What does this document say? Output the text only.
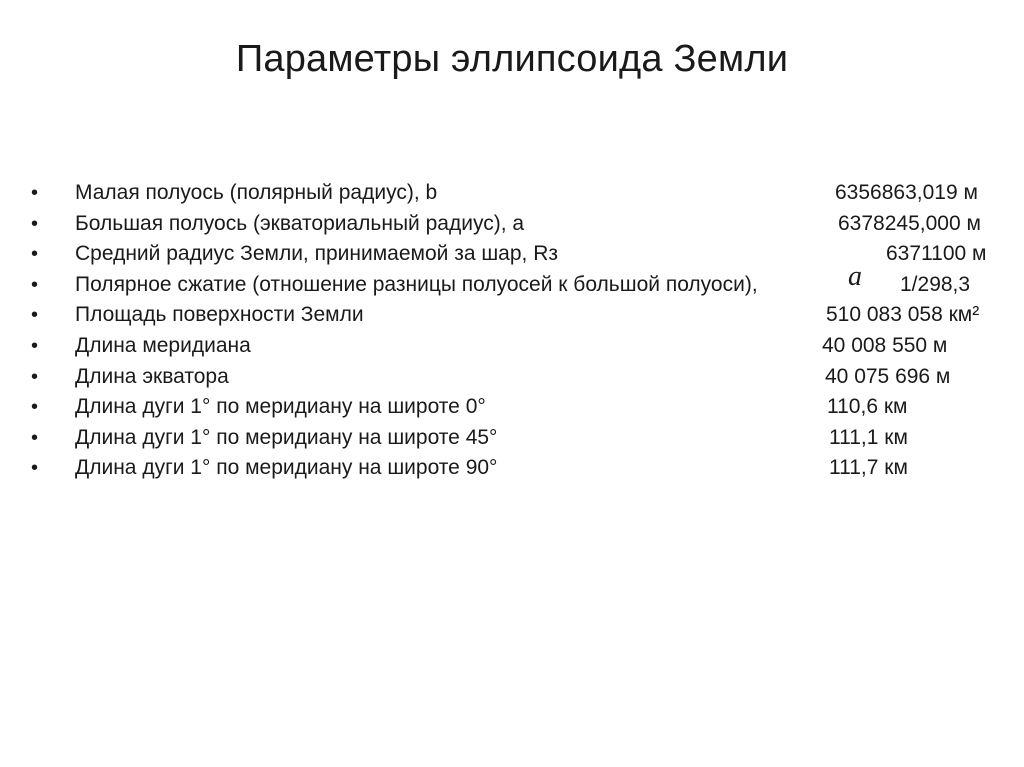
Параметры эллипсоида Земли
• Малая полуось (полярный радиус), b	6356863,019 м
• Большая полуось (экваториальный радиус), a	6378245,000 м
• Средний радиус Земли, принимаемой за шар, Rз	6371100 м
• Полярное сжатие (отношение разницы полуосей к большой полуоси),	a 1/298,3
• Площадь поверхности Земли	510 083 058 км²
• Длина меридиана	40 008 550 м
• Длина экватора	40 075 696 м
• Длина дуги 1° по меридиану на широте 0°	110,6 км
• Длина дуги 1° по меридиану на широте 45°	111,1 км
• Длина дуги 1° по меридиану на широте 90°	111,7 км
